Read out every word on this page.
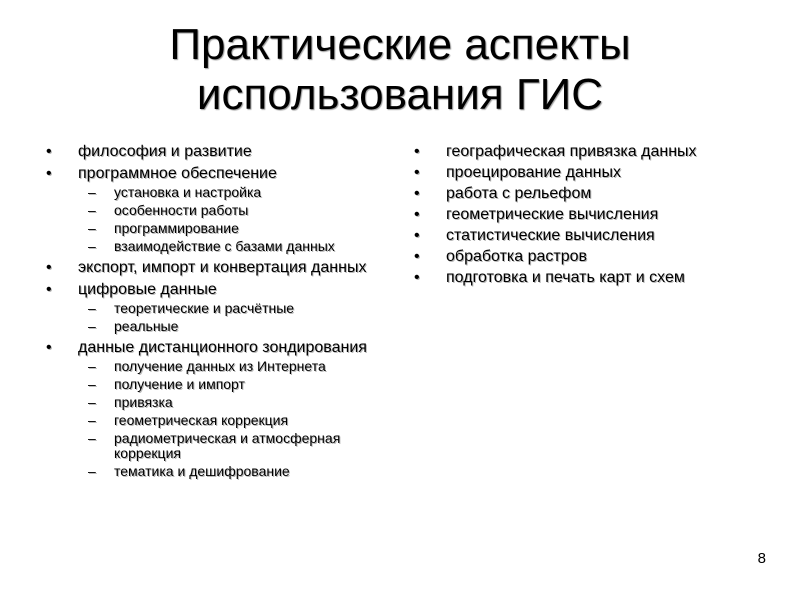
Практические аспекты
использования ГИС
• философия и развитие
• программное обеспечение
– установка и настройка
– особенности работы
– программирование
– взаимодействие с базами данных
• экспорт, импорт и конвертация данных
• цифровые данные
– теоретические и расчётные
– реальные
• данные дистанционного зондирования
– получение данных из Интернета
– получение и импорт
– привязка
– геометрическая коррекция
– радиометрическая и атмосферная коррекция
– тематика и дешифрование
• географическая привязка данных
• проецирование данных
• работа с рельефом
• геометрические вычисления
• статистические вычисления
• обработка растров
• подготовка и печать карт и схем
8
